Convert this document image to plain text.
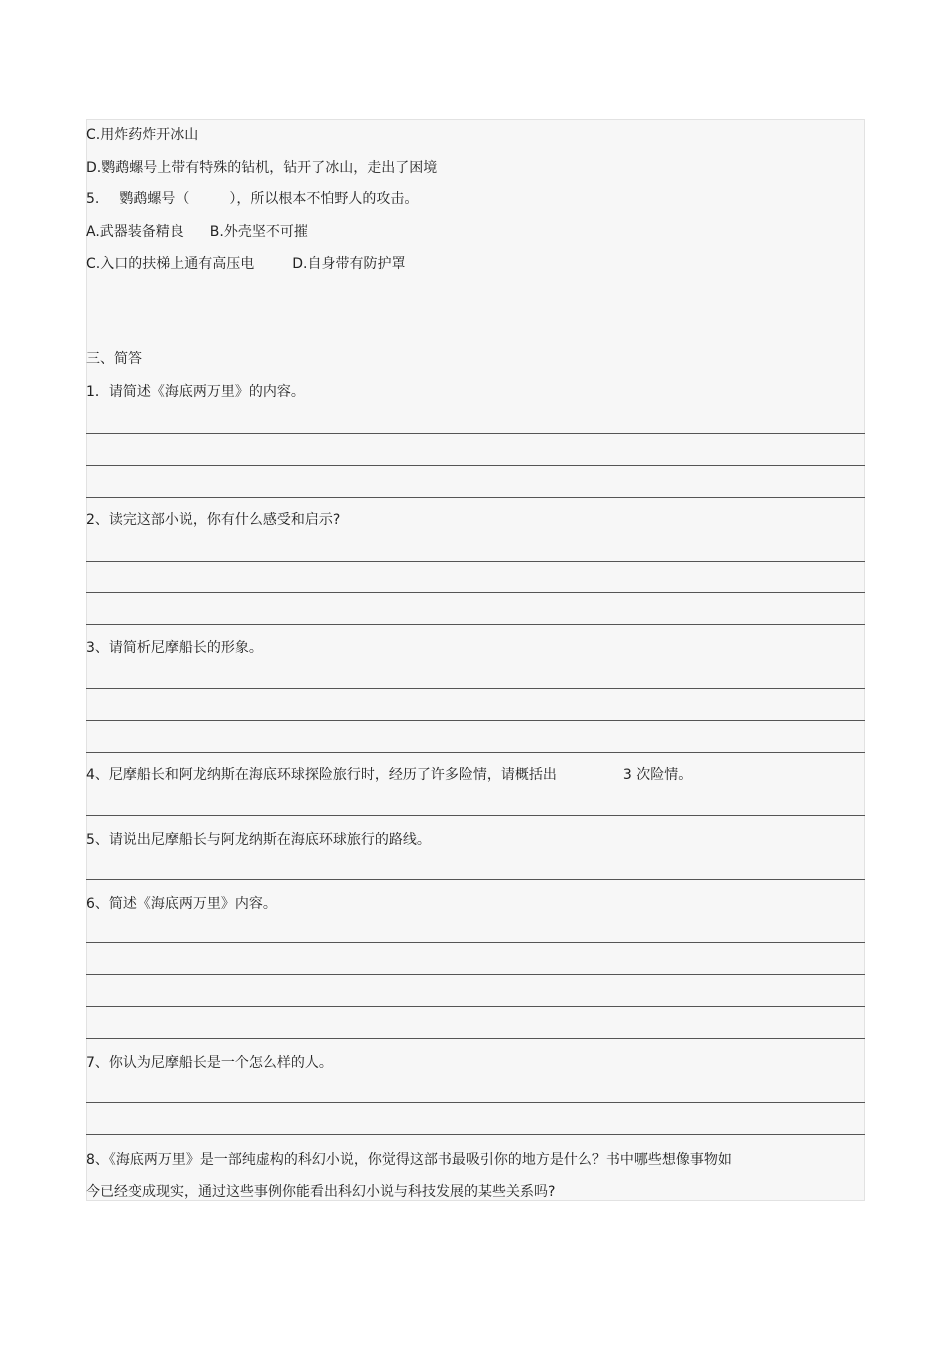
C.用炸药炸开冰山
D.鹦鹉螺号上带有特殊的钻机，钻开了冰山，走出了困境
5. 鹦鹉螺号（	），所以根本不怕野人的攻击。
A.武器装备精良 B.外壳坚不可摧
C.入口的扶梯上通有高压电	D.自身带有防护罩
三、简答
1．请简述《海底两万里》的内容。
2、读完这部小说，你有什么感受和启示?
3、请简析尼摩船长的形象。
4、尼摩船长和阿龙纳斯在海底环球探险旅行时，经历了许多险情，请概括出	3 次险情。
5、请说出尼摩船长与阿龙纳斯在海底环球旅行的路线。
6、简述《海底两万里》内容。
7、你认为尼摩船长是一个怎么样的人。
8、《海底两万里》是一部纯虚构的科幻小说，你觉得这部书最吸引你的地方是什么？书中哪些想像事物如
今已经变成现实，通过这些事例你能看出科幻小说与科技发展的某些关系吗?
